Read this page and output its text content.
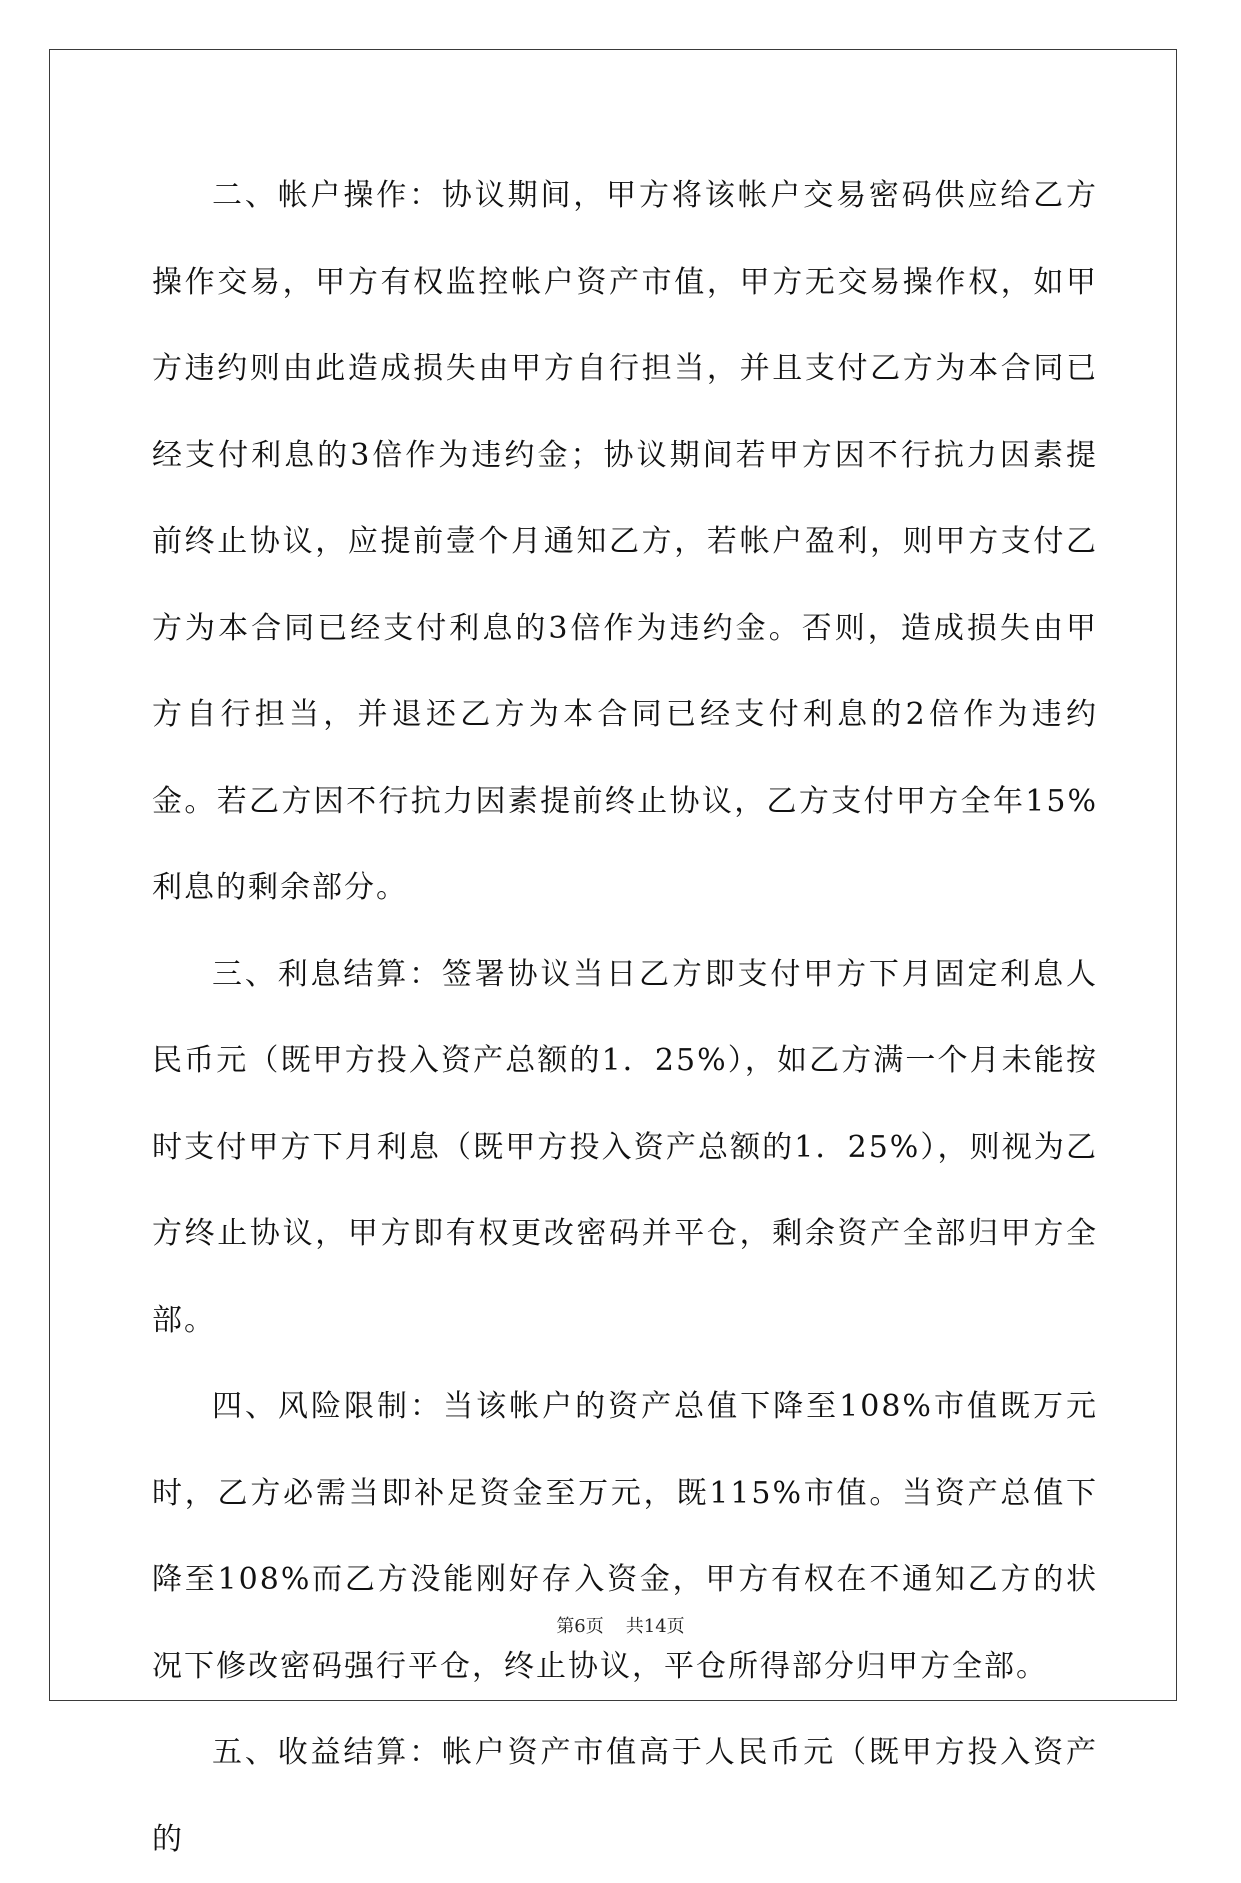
二、帐户操作：协议期间，甲方将该帐户交易密码供应给乙方操作交易，甲方有权监控帐户资产市值，甲方无交易操作权，如甲方违约则由此造成损失由甲方自行担当，并且支付乙方为本合同已经支付利息的3倍作为违约金；协议期间若甲方因不行抗力因素提前终止协议，应提前壹个月通知乙方，若帐户盈利，则甲方支付乙方为本合同已经支付利息的3倍作为违约金。否则，造成损失由甲方自行担当，并退还乙方为本合同已经支付利息的2倍作为违约金。若乙方因不行抗力因素提前终止协议，乙方支付甲方全年15%利息的剩余部分。

三、利息结算：签署协议当日乙方即支付甲方下月固定利息人民币元（既甲方投入资产总额的1．25%），如乙方满一个月未能按时支付甲方下月利息（既甲方投入资产总额的1．25%），则视为乙方终止协议，甲方即有权更改密码并平仓，剩余资产全部归甲方全部。

四、风险限制：当该帐户的资产总值下降至108%市值既万元时，乙方必需当即补足资金至万元，既115%市值。当资产总值下降至108%而乙方没能刚好存入资金，甲方有权在不通知乙方的状况下修改密码强行平仓，终止协议，平仓所得部分归甲方全部。

五、收益结算：帐户资产市值高于人民币元（既甲方投入资产的

第6页 共14页
